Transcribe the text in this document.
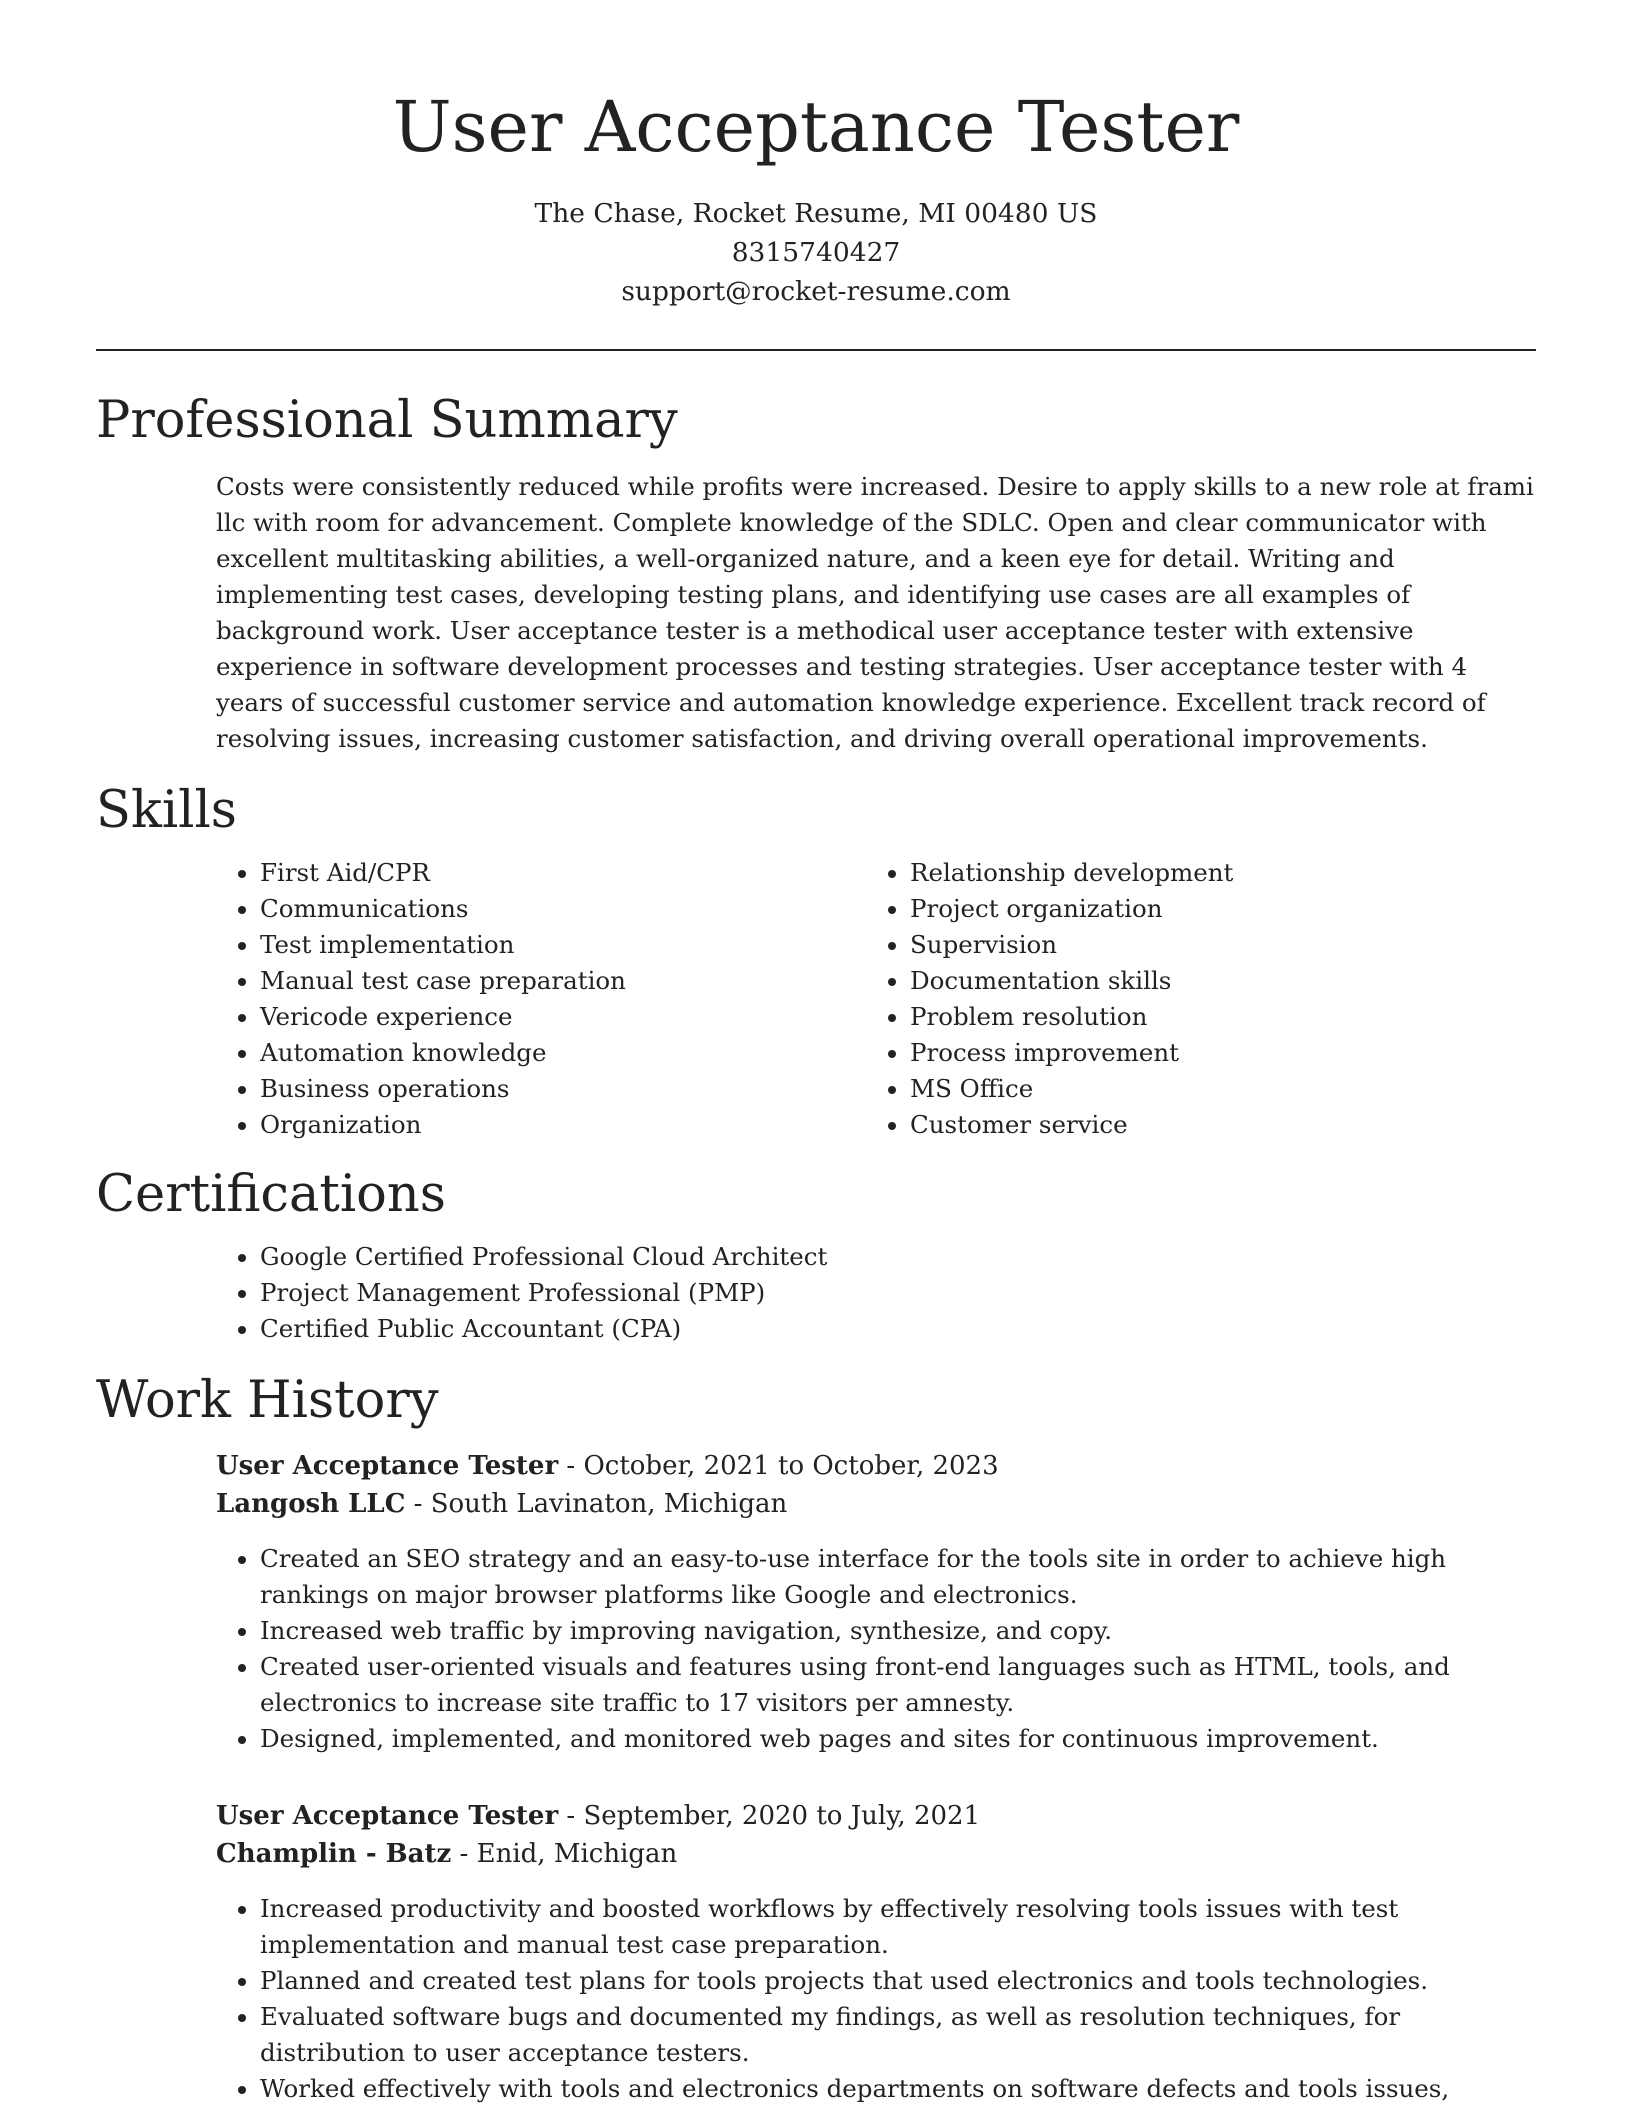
User Acceptance Tester
The Chase, Rocket Resume, MI 00480 US
8315740427
support@rocket-resume.com
Professional Summary

Costs were consistently reduced while profits were increased. Desire to apply skills to a new role at frami llc with room for advancement. Complete knowledge of the SDLC. Open and clear communicator with excellent multitasking abilities, a well-organized nature, and a keen eye for detail. Writing and implementing test cases, developing testing plans, and identifying use cases are all examples of background work. User acceptance tester is a methodical user acceptance tester with extensive experience in software development processes and testing strategies. User acceptance tester with 4 years of successful customer service and automation knowledge experience. Excellent track record of resolving issues, increasing customer satisfaction, and driving overall operational improvements.

Skills
• First Aid/CPR
• Communications
• Test implementation
• Manual test case preparation
• Vericode experience
• Automation knowledge
• Business operations
• Organization
• Relationship development
• Project organization
• Supervision
• Documentation skills
• Problem resolution
• Process improvement
• MS Office
• Customer service
Certifications
• Google Certified Professional Cloud Architect
• Project Management Professional (PMP)
• Certified Public Accountant (CPA)
Work History
User Acceptance Tester - October, 2021 to October, 2023
Langosh LLC - South Lavinaton, Michigan
• Created an SEO strategy and an easy-to-use interface for the tools site in order to achieve high rankings on major browser platforms like Google and electronics.
• Increased web traffic by improving navigation, synthesize, and copy.
• Created user-oriented visuals and features using front-end languages such as HTML, tools, and electronics to increase site traffic to 17 visitors per amnesty.
• Designed, implemented, and monitored web pages and sites for continuous improvement.
User Acceptance Tester - September, 2020 to July, 2021
Champlin - Batz - Enid, Michigan
• Increased productivity and boosted workflows by effectively resolving tools issues with test implementation and manual test case preparation.
• Planned and created test plans for tools projects that used electronics and tools technologies.
• Evaluated software bugs and documented my findings, as well as resolution techniques, for distribution to user acceptance testers.
• Worked effectively with tools and electronics departments on software defects and tools issues,
